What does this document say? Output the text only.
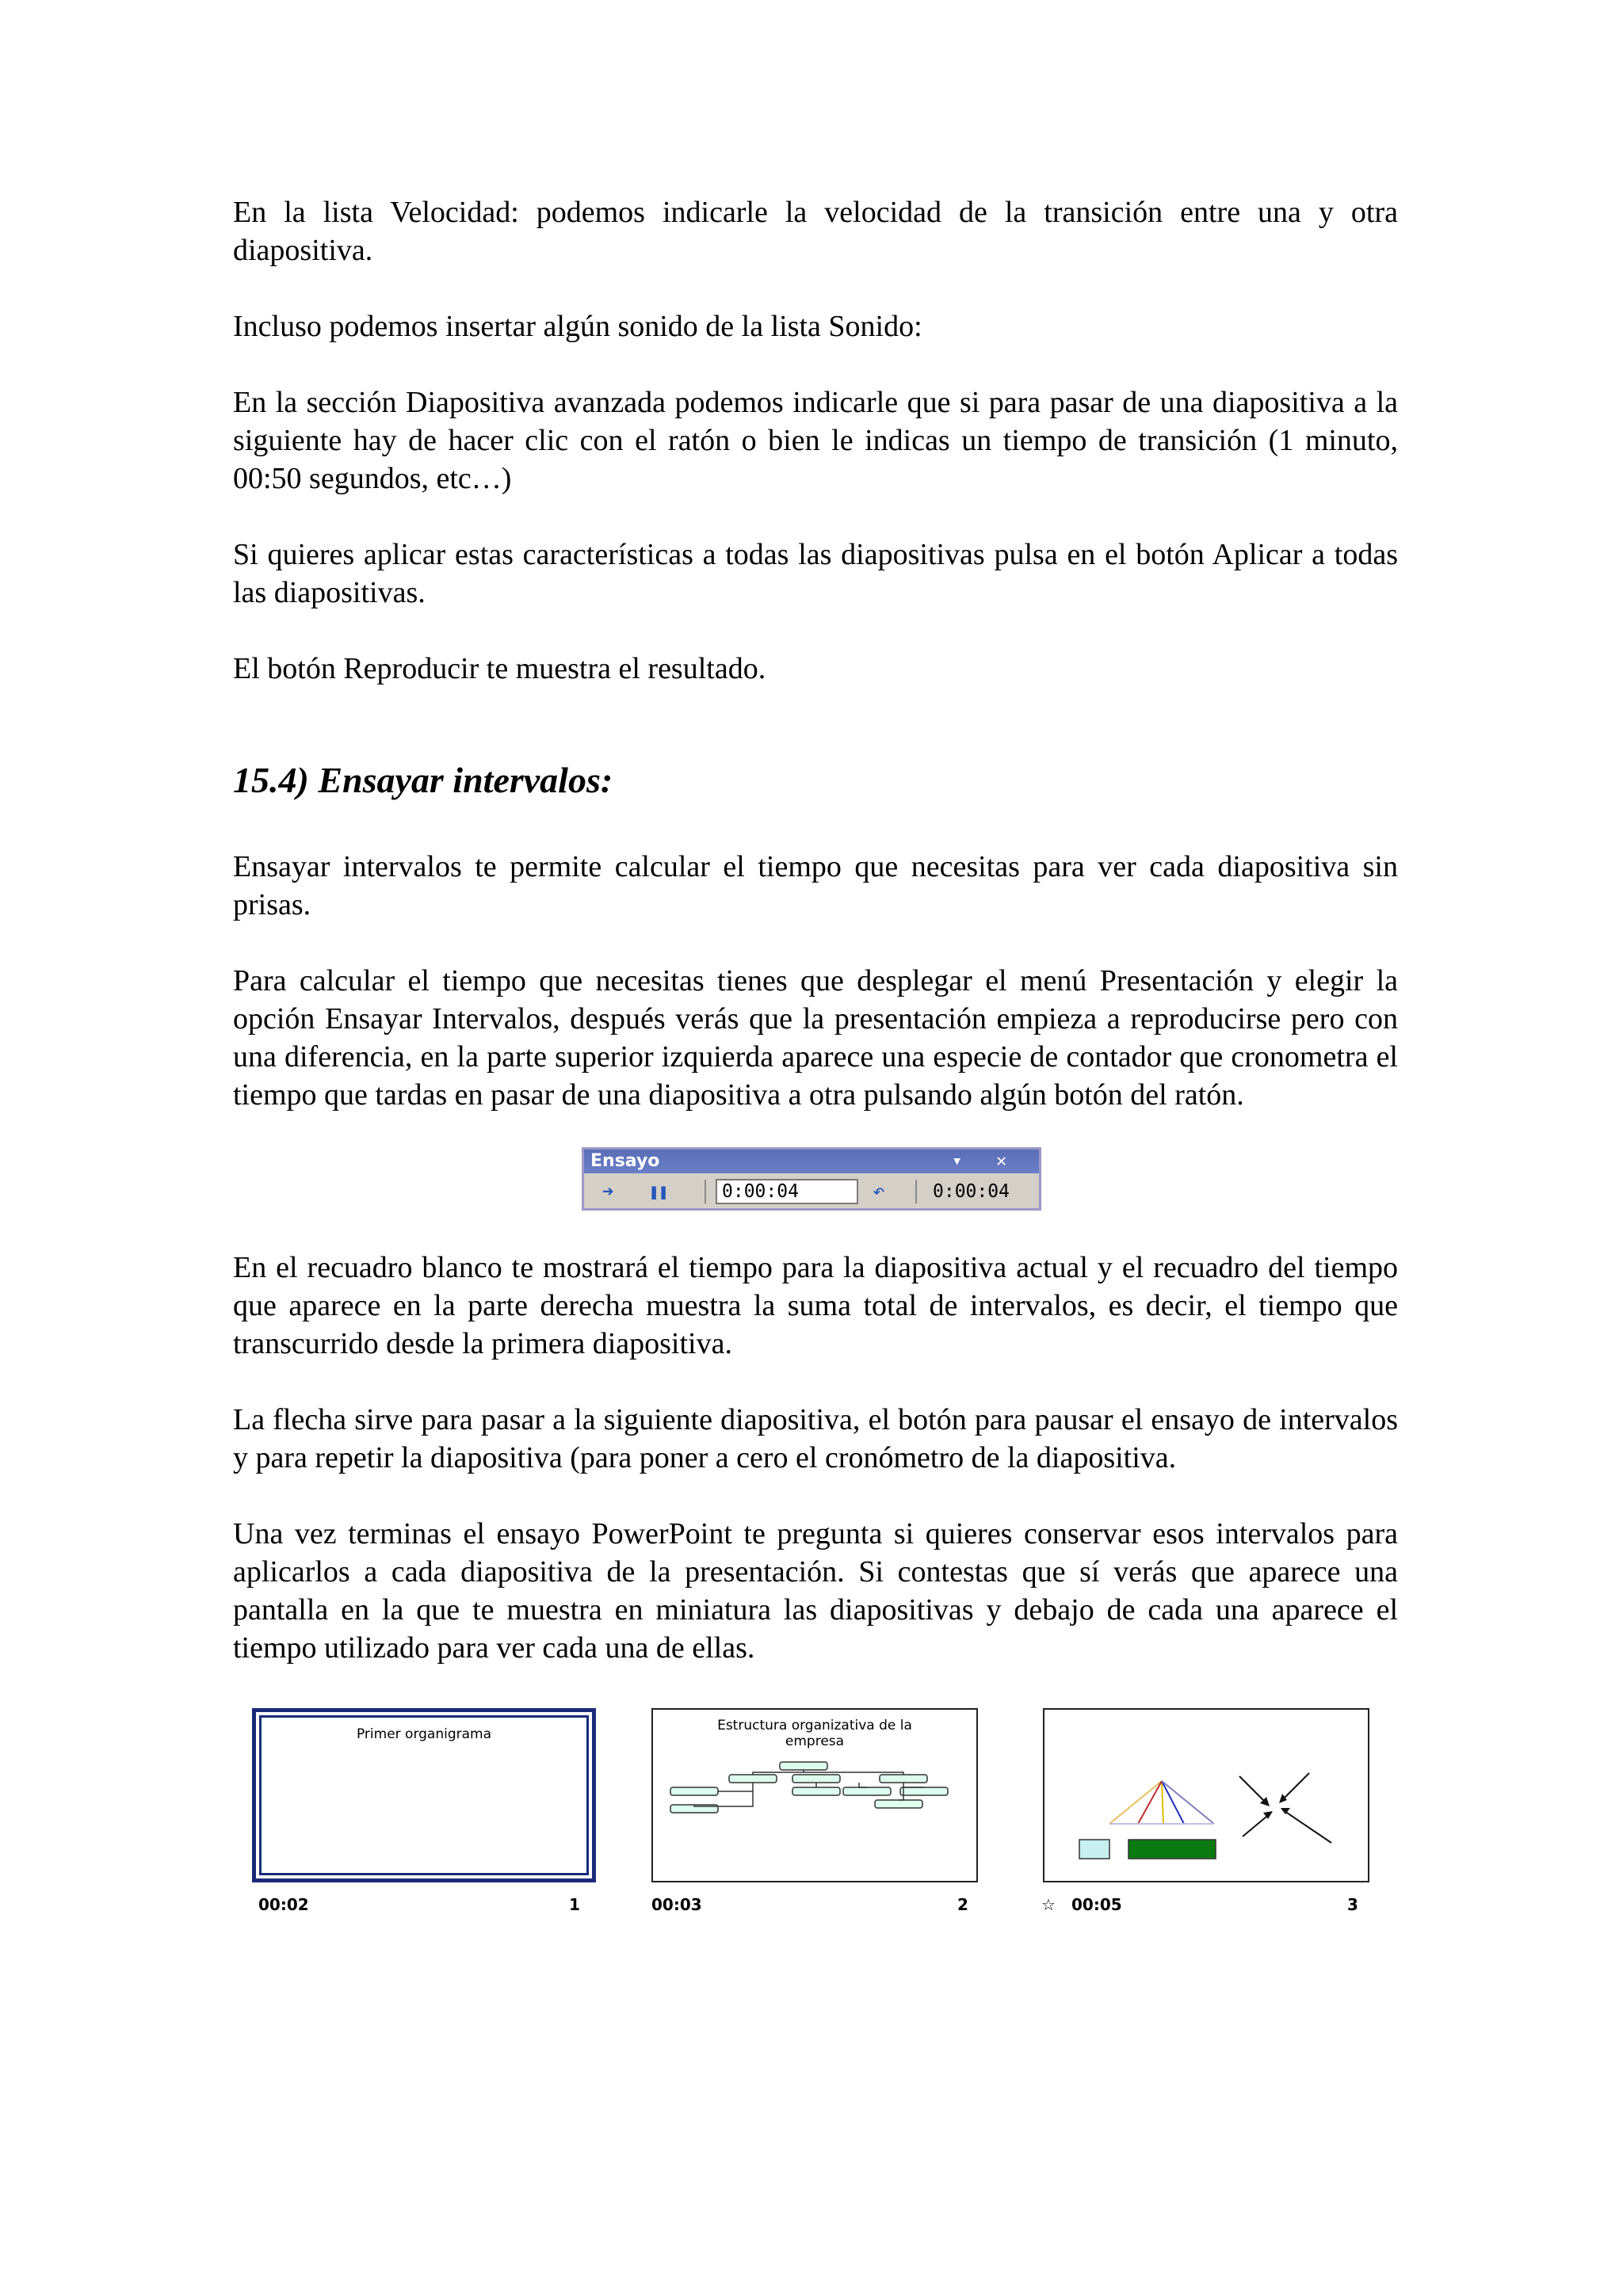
En la lista Velocidad: podemos indicarle la velocidad de la transición entre una y otra diapositiva.

Incluso podemos insertar algún sonido de la lista Sonido:

En la sección Diapositiva avanzada podemos indicarle que si para pasar de una diapositiva a la siguiente hay de hacer clic con el ratón o bien le indicas un tiempo de transición (1 minuto, 00:50 segundos, etc…)

Si quieres aplicar estas características a todas las diapositivas pulsa en el botón Aplicar a todas las diapositivas.

El botón Reproducir te muestra el resultado.

15.4) Ensayar intervalos:

Ensayar intervalos te permite calcular el tiempo que necesitas para ver cada diapositiva sin prisas.

Para calcular el tiempo que necesitas tienes que desplegar el menú Presentación y elegir la opción Ensayar Intervalos, después verás que la presentación empieza a reproducirse pero con una diferencia, en la parte superior izquierda aparece una especie de contador que cronometra el tiempo que tardas en pasar de una diapositiva a otra pulsando algún botón del ratón.

Ensayo	▾ ✕
➜	❚❚	0:00:04	↶	0:00:04

En el recuadro blanco te mostrará el tiempo para la diapositiva actual y el recuadro del tiempo que aparece en la parte derecha muestra la suma total de intervalos, es decir, el tiempo que transcurrido desde la primera diapositiva.

La flecha sirve para pasar a la siguiente diapositiva, el botón para pausar el ensayo de intervalos y para repetir la diapositiva (para poner a cero el cronómetro de la diapositiva.

Una vez terminas el ensayo PowerPoint te pregunta si quieres conservar esos intervalos para aplicarlos a cada diapositiva de la presentación. Si contestas que sí verás que aparece una pantalla en la que te muestra en miniatura las diapositivas y debajo de cada una aparece el tiempo utilizado para ver cada una de ellas.

Primer organigrama
00:02	1
Estructura organizativa de la empresa
00:03	2	☆ 00:05	3
